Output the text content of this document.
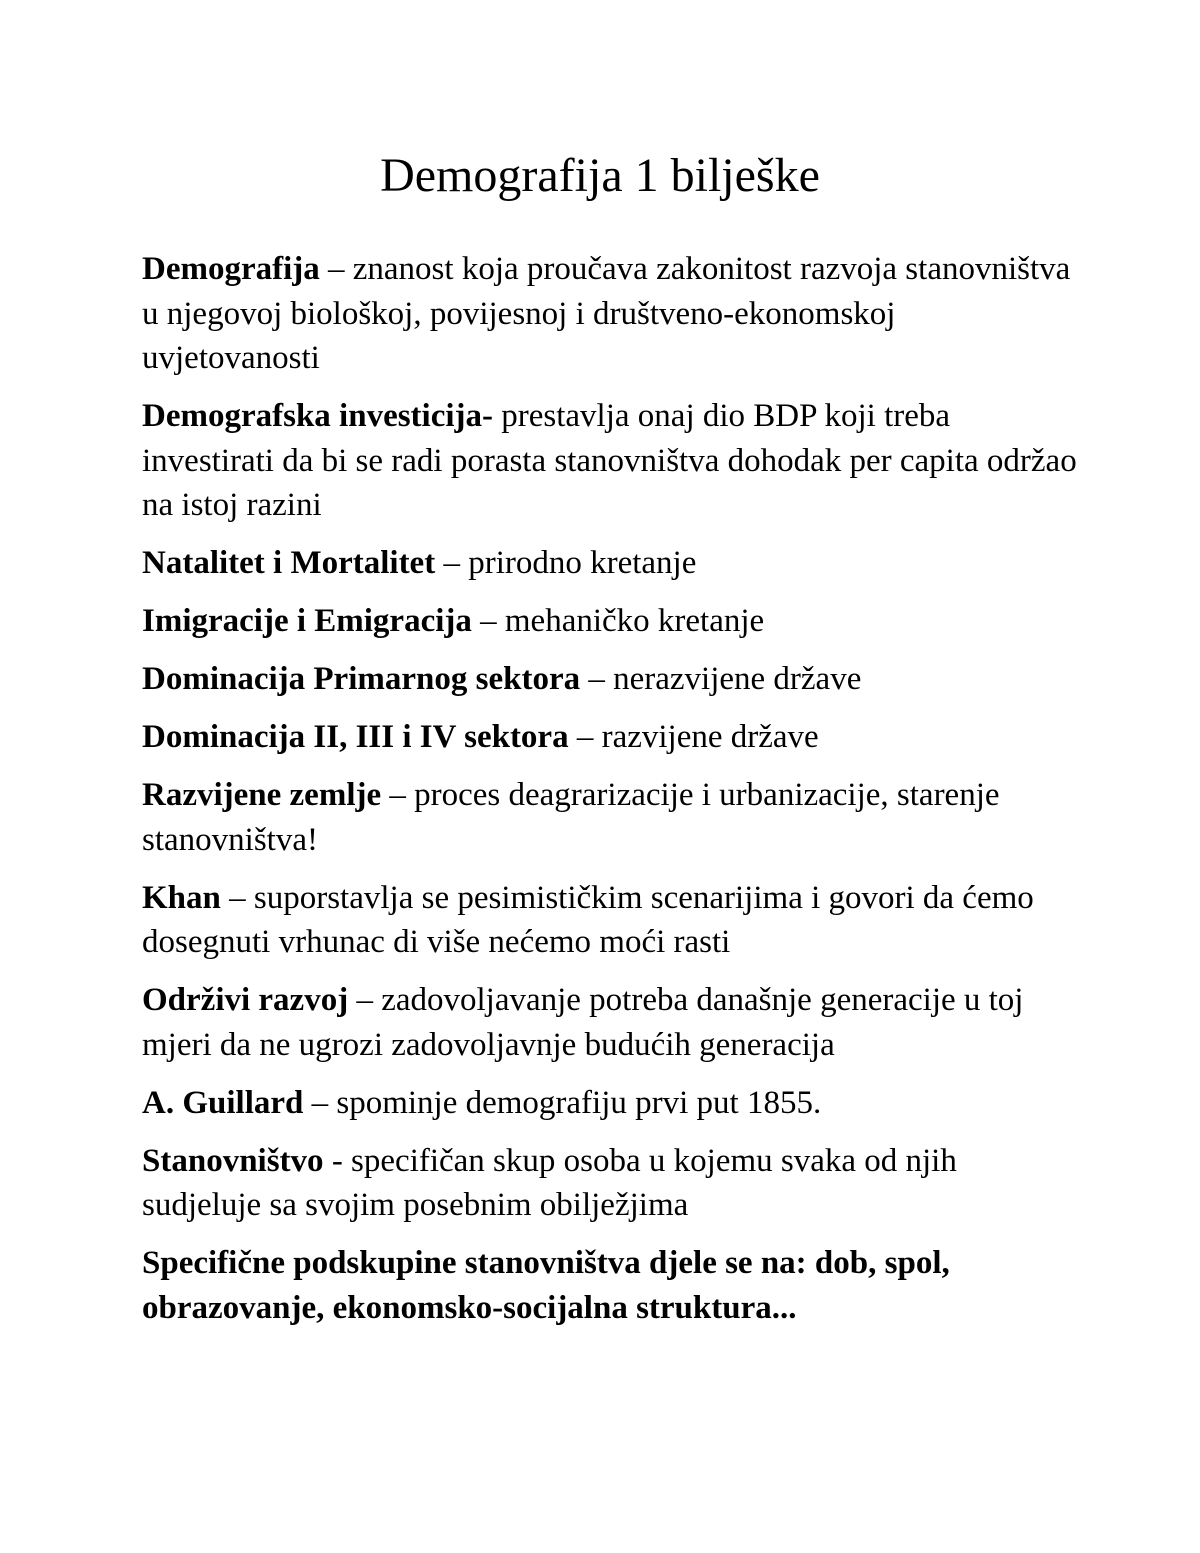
Demografija 1 bilješke

Demografija – znanost koja proučava zakonitost razvoja stanovništva u njegovoj biološkoj, povijesnoj i društveno-ekonomskoj uvjetovanosti

Demografska investicija- prestavlja onaj dio BDP koji treba investirati da bi se radi porasta stanovništva dohodak per capita održao na istoj razini

Natalitet i Mortalitet – prirodno kretanje

Imigracije i Emigracija – mehaničko kretanje

Dominacija Primarnog sektora – nerazvijene države

Dominacija II, III i IV sektora – razvijene države

Razvijene zemlje – proces deagrarizacije i urbanizacije, starenje stanovništva!

Khan – suporstavlja se pesimističkim scenarijima i govori da ćemo dosegnuti vrhunac di više nećemo moći rasti

Održivi razvoj – zadovoljavanje potreba današnje generacije u toj mjeri da ne ugrozi zadovoljavnje budućih generacija

A. Guillard – spominje demografiju prvi put 1855.

Stanovništvo - specifičan skup osoba u kojemu svaka od njih sudjeluje sa svojim posebnim obilježjima

Specifične podskupine stanovništva djele se na: dob, spol, obrazovanje, ekonomsko-socijalna struktura...
